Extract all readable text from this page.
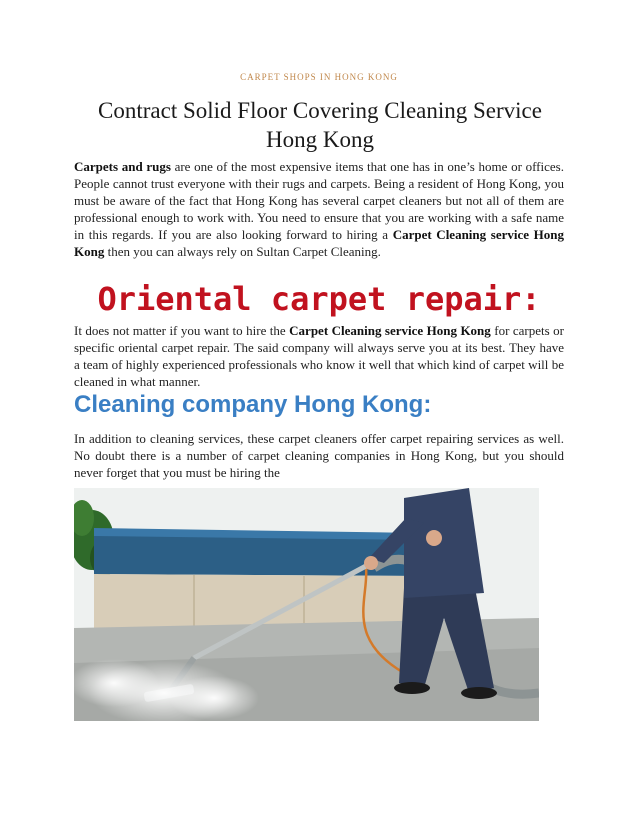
CARPET SHOPS IN HONG KONG
Contract Solid Floor Covering Cleaning Service Hong Kong
Carpets and rugs are one of the most expensive items that one has in one’s home or offices. People cannot trust everyone with their rugs and carpets. Being a resident of Hong Kong, you must be aware of the fact that Hong Kong has several carpet cleaners but not all of them are professional enough to work with. You need to ensure that you are working with a safe name in this regards. If you are also looking forward to hiring a Carpet Cleaning service Hong Kong then you can always rely on Sultan Carpet Cleaning.
Oriental carpet repair:
It does not matter if you want to hire the Carpet Cleaning service Hong Kong for carpets or specific oriental carpet repair. The said company will always serve you at its best. They have a team of highly experienced professionals who know it well that which kind of carpet will be cleaned in what manner.
Cleaning company Hong Kong:
In addition to cleaning services, these carpet cleaners offer carpet repairing services as well. No doubt there is a number of carpet cleaning companies in Hong Kong, but you should never forget that you must be hiring the
